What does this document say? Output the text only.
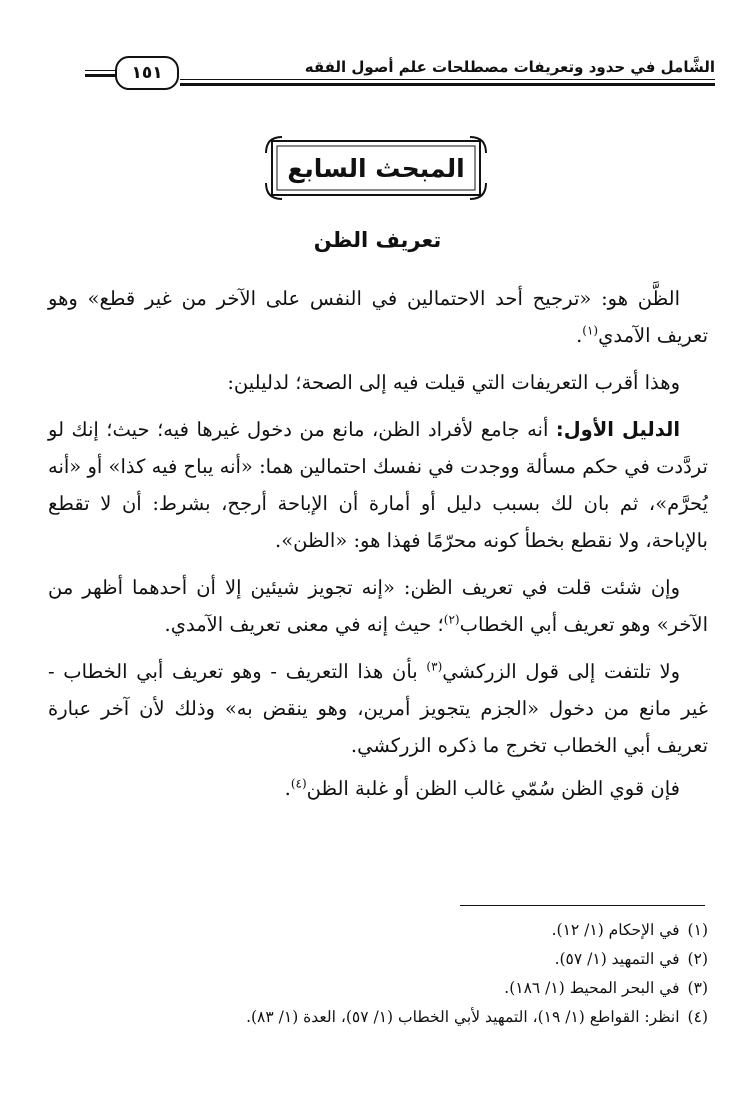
الشَّامل في حدود وتعريفات مصطلحات علم أصول الفقه
١٥١
المبحث السابع
تعريف الظن

الظَّن هو: «ترجيح أحد الاحتمالين في النفس على الآخر من غير قطع» وهو تعريف الآمدي$^{(١)}$.

وهذا أقرب التعريفات التي قيلت فيه إلى الصحة؛ لدليلين:

الدليل الأول: أنه جامع لأفراد الظن، مانع من دخول غيرها فيه؛ حيث؛ إنك لو تردَّدت في حكم مسألة ووجدت في نفسك احتمالين هما: «أنه يباح فيه كذا» أو «أنه يُحرَّم»، ثم بان لك بسبب دليل أو أمارة أن الإباحة أرجح، بشرط: أن لا تقطع بالإباحة، ولا نقطع بخطأ كونه محرّمًا فهذا هو: «الظن».

وإن شئت قلت في تعريف الظن: «إنه تجويز شيئين إلا أن أحدهما أظهر من الآخر» وهو تعريف أبي الخطاب$^{(٢)}$؛ حيث إنه في معنى تعريف الآمدي.

ولا تلتفت إلى قول الزركشي$^{(٣)}$ بأن هذا التعريف - وهو تعريف أبي الخطاب - غير مانع من دخول «الجزم يتجويز أمرين، وهو ينقض به» وذلك لأن آخر عبارة تعريف أبي الخطاب تخرج ما ذكره الزركشي.

فإن قوي الظن سُمّي غالب الظن أو غلبة الظن$^{(٤)}$.

(١)في الإحكام (١/ ١٢).
(٢)في التمهيد (١/ ٥٧).
(٣)في البحر المحيط (١/ ١٨٦).
(٤)انظر: القواطع (١/ ١٩)، التمهيد لأبي الخطاب (١/ ٥٧)، العدة (١/ ٨٣).
